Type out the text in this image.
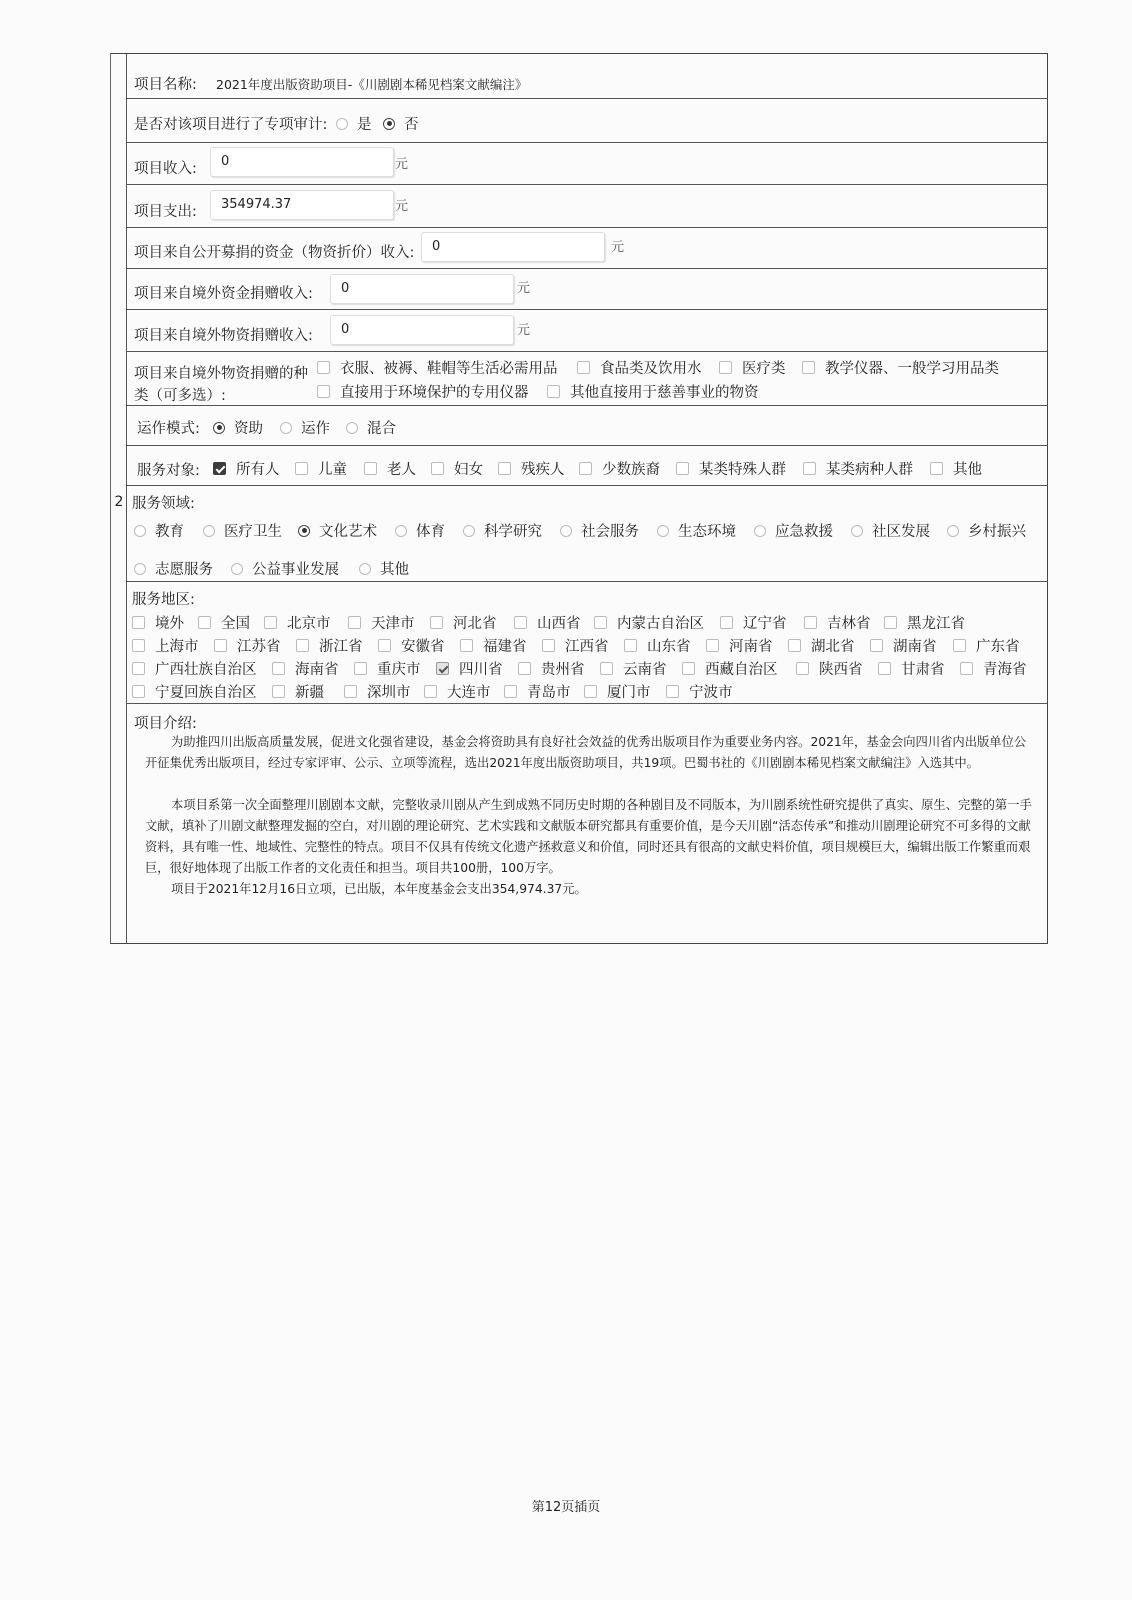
2
项目名称: 2021年度出版资助项目-《川剧剧本稀见档案文献编注》
是否对该项目进行了专项审计: 是 否
项目收入:	0	元
项目支出:	354974.37	元
项目来自公开募捐的资金（物资折价）收入:	0	元
项目来自境外资金捐赠收入:	0	元
项目来自境外物资捐赠收入:	0	元
项目来自境外物资捐赠的种
类（可多选）:
衣服、被褥、鞋帽等生活必需用品	食品类及饮用水	医疗类	教学仪器、一般学习用品类
直接用于环境保护的专用仪器	其他直接用于慈善事业的物资
运作模式: 资助	运作	混合
服务对象: 所有人	儿童	老人	妇女	残疾人	少数族裔	某类特殊人群	某类病种人群	其他
服务领域:
教育	医疗卫生	文化艺术	体育	科学研究	社会服务	生态环境	应急救援	社区发展	乡村振兴
志愿服务	公益事业发展	其他
服务地区:
境外	全国	北京市	天津市	河北省	山西省	内蒙古自治区	辽宁省	吉林省	黑龙江省
上海市	江苏省	浙江省	安徽省	福建省	江西省	山东省	河南省	湖北省	湖南省	广东省
广西壮族自治区	海南省	重庆市	四川省	贵州省	云南省	西藏自治区	陕西省	甘肃省	青海省
宁夏回族自治区	新疆	深圳市	大连市	青岛市	厦门市	宁波市
项目介绍:
为助推四川出版高质量发展，促进文化强省建设，基金会将资助具有良好社会效益的优秀出版项目作为重要业务内容。2021年，基金会向四川省内出版单位公开征集优秀出版项目，经过专家评审、公示、立项等流程，选出2021年度出版资助项目，共19项。巴蜀书社的《川剧剧本稀见档案文献编注》入选其中。
本项目系第一次全面整理川剧剧本文献，完整收录川剧从产生到成熟不同历史时期的各种剧目及不同版本，为川剧系统性研究提供了真实、原生、完整的第一手文献，填补了川剧文献整理发掘的空白，对川剧的理论研究、艺术实践和文献版本研究都具有重要价值，是今天川剧“活态传承”和推动川剧理论研究不可多得的文献资料，具有唯一性、地域性、完整性的特点。项目不仅具有传统文化遗产拯救意义和价值，同时还具有很高的文献史料价值，项目规模巨大，编辑出版工作繁重而艰巨，很好地体现了出版工作者的文化责任和担当。项目共100册，100万字。
项目于2021年12月16日立项，已出版，本年度基金会支出354,974.37元。
第12页插页
